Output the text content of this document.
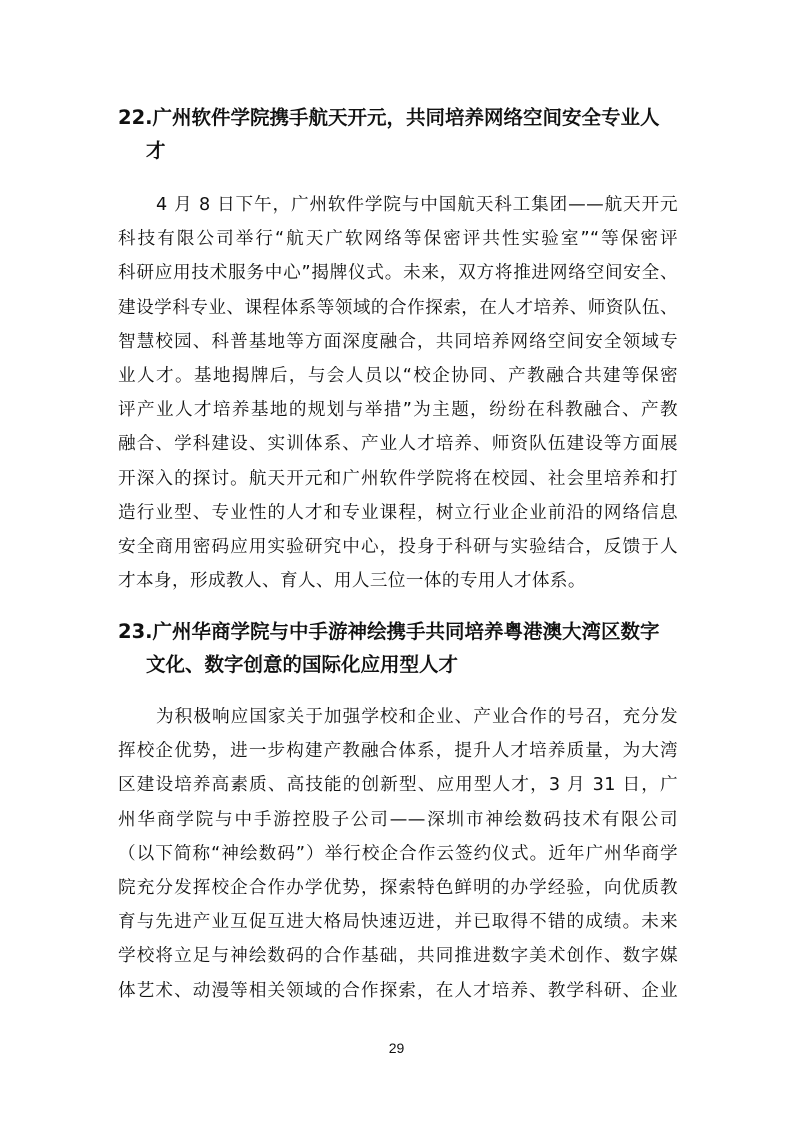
22.广州软件学院携手航天开元，共同培养网络空间安全专业人
才
4 月 8 日下午，广州软件学院与中国航天科工集团——航天开元
科技有限公司举行“航天广软网络等保密评共性实验室”“等保密评
科研应用技术服务中心”揭牌仪式。未来，双方将推进网络空间安全、
建设学科专业、课程体系等领域的合作探索，在人才培养、师资队伍、
智慧校园、科普基地等方面深度融合，共同培养网络空间安全领域专
业人才。基地揭牌后，与会人员以“校企协同、产教融合共建等保密
评产业人才培养基地的规划与举措”为主题，纷纷在科教融合、产教
融合、学科建设、实训体系、产业人才培养、师资队伍建设等方面展
开深入的探讨。航天开元和广州软件学院将在校园、社会里培养和打
造行业型、专业性的人才和专业课程，树立行业企业前沿的网络信息
安全商用密码应用实验研究中心，投身于科研与实验结合，反馈于人
才本身，形成教人、育人、用人三位一体的专用人才体系。
23.广州华商学院与中手游神绘携手共同培养粤港澳大湾区数字
文化、数字创意的国际化应用型人才
为积极响应国家关于加强学校和企业、产业合作的号召，充分发
挥校企优势，进一步构建产教融合体系，提升人才培养质量，为大湾
区建设培养高素质、高技能的创新型、应用型人才，3 月 31 日，广
州华商学院与中手游控股子公司——深圳市神绘数码技术有限公司
（以下简称“神绘数码”）举行校企合作云签约仪式。近年广州华商学
院充分发挥校企合作办学优势，探索特色鲜明的办学经验，向优质教
育与先进产业互促互进大格局快速迈进，并已取得不错的成绩。未来
学校将立足与神绘数码的合作基础，共同推进数字美术创作、数字媒
体艺术、动漫等相关领域的合作探索，在人才培养、教学科研、企业
29
